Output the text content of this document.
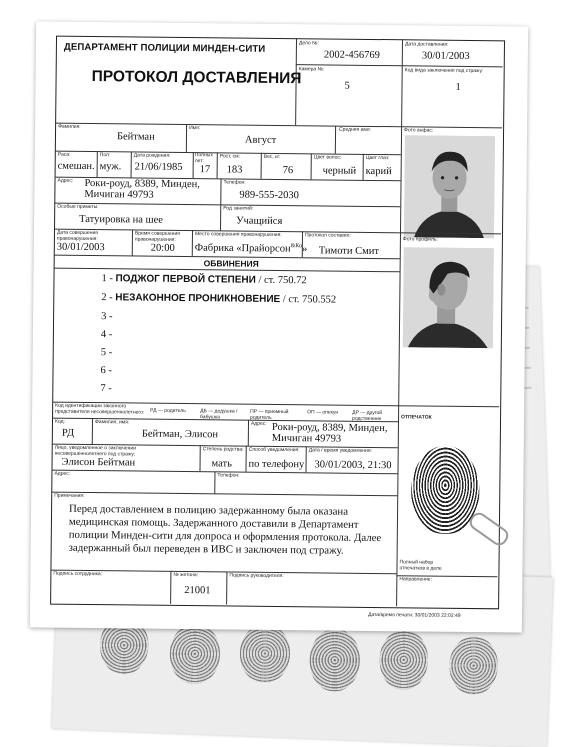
ДЕПАРТАМЕНТ ПОЛИЦИИ МИНДЕН-СИТИ
ПРОТОКОЛ ДОСТАВЛЕНИЯ
Дело №:
2002-456769
Дата доставления:
30/01/2003
Камера №:
5
Код вида заключения под стражу:
1
Фамилия:
Бейтман
Имя:
Август
Средняя имя:	Фото анфас:
Раса:
смешан.
Пол:
муж.
Дата рождения:
21/06/1985
Полных лет:
17
Рост, см:
183
Вес, кг:
76
Цвет волос:
черный
Цвет глаз:
карий
Адрес: Роки-роуд, 8389, Минден,
Мичиган 49793
Телефон:
989-555-2030
Особые приметы:
Татуировка на шее
Род занятий:
Учащийся
Дата совершения правонарушения:
30/01/2003
Время совершения правонарушения:
20:00
Место совершения правонарушения:
Фабрика «Прайорсон$^{\&Ко}$»
Протокол составил:
Тимоти Смит
Фото профиль:
ОБВИНЕНИЯ
1 - ПОДЖОГ ПЕРВОЙ СТЕПЕНИ / ст. 750.72
2 - НЕЗАКОННОЕ ПРОНИКНОВЕНИЕ / ст. 750.552
3 -
4 -
5 -
6 -
7 -
Код идентификации законного представителя несовершеннолетнего: РД — родитель	ДБ — дедушка / бабушка
ПР — приемный родитель
ОП — опекун	ДР — другой родственник	ОТПЕЧАТОК
Код:
РД
Фамилия, имя:
Бейтман, Элисон
Адрес: Роки-роуд, 8389, Минден,
Мичиган 49793
Лицо, уведомленное о заключении несовершеннолетнего под стражу:
Элисон Бейтман
Степень родства:
мать
Способ уведомления:
по телефону
Дата / время уведомления:
30/01/2003, 21:30
Адрес:	Телефон:
Примечания:
Перед доставлением в полицию задержанному была оказана медицинская помощь. Задержанного доставили в Департамент полиции Минден-сити для допроса и оформления протокола. Далее задержанный был переведен в ИВС и заключен под стражу.
Полный набор отпечатков в деле
Направление:
Подпись сотрудника:	№ жетона:
21001
Подпись руководителя:
Дата/время печати: 30/01/2003 22:02:49
